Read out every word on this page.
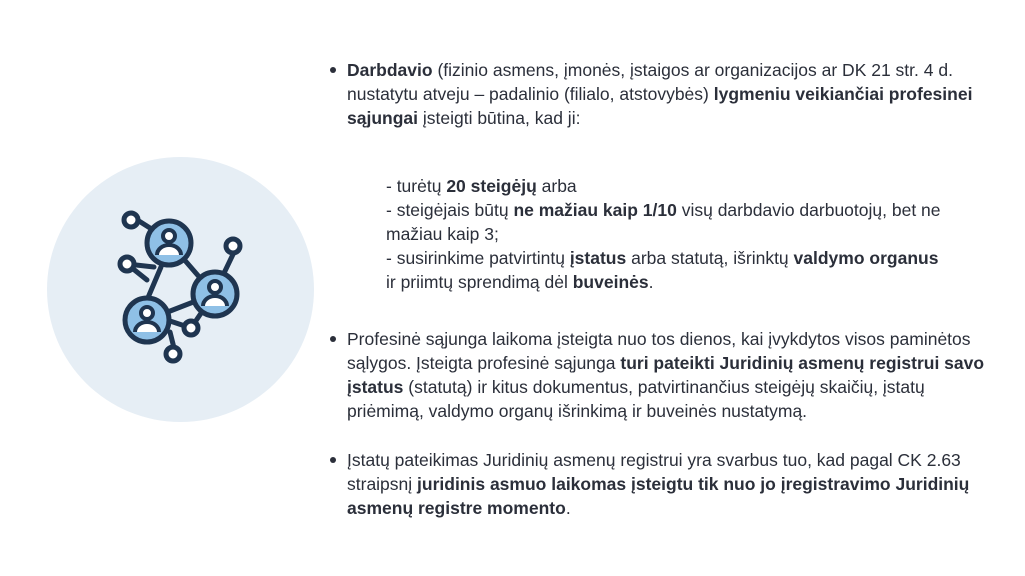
Darbdavio (fizinio asmens, įmonės, įstaigos ar organizacijos ar DK 21 str. 4 d. nustatytu atveju – padalinio (filialo, atstovybės) lygmeniu veikiančiai profesinei sąjungai įsteigti būtina, kad ji:
- turėtų 20 steigėjų arba
- steigėjais būtų ne mažiau kaip 1/10 visų darbdavio darbuotojų, bet ne mažiau kaip 3;
- susirinkime patvirtintų įstatus arba statutą, išrinktų valdymo organus ir priimtų sprendimą dėl buveinės.
Profesinė sąjunga laikoma įsteigta nuo tos dienos, kai įvykdytos visos paminėtos sąlygos. Įsteigta profesinė sąjunga turi pateikti Juridinių asmenų registrui savo įstatus (statutą) ir kitus dokumentus, patvirtinančius steigėjų skaičių, įstatų priėmimą, valdymo organų išrinkimą ir buveinės nustatymą.
Įstatų pateikimas Juridinių asmenų registrui yra svarbus tuo, kad pagal CK 2.63 straipsnį juridinis asmuo laikomas įsteigtu tik nuo jo įregistravimo Juridinių asmenų registre momento.
